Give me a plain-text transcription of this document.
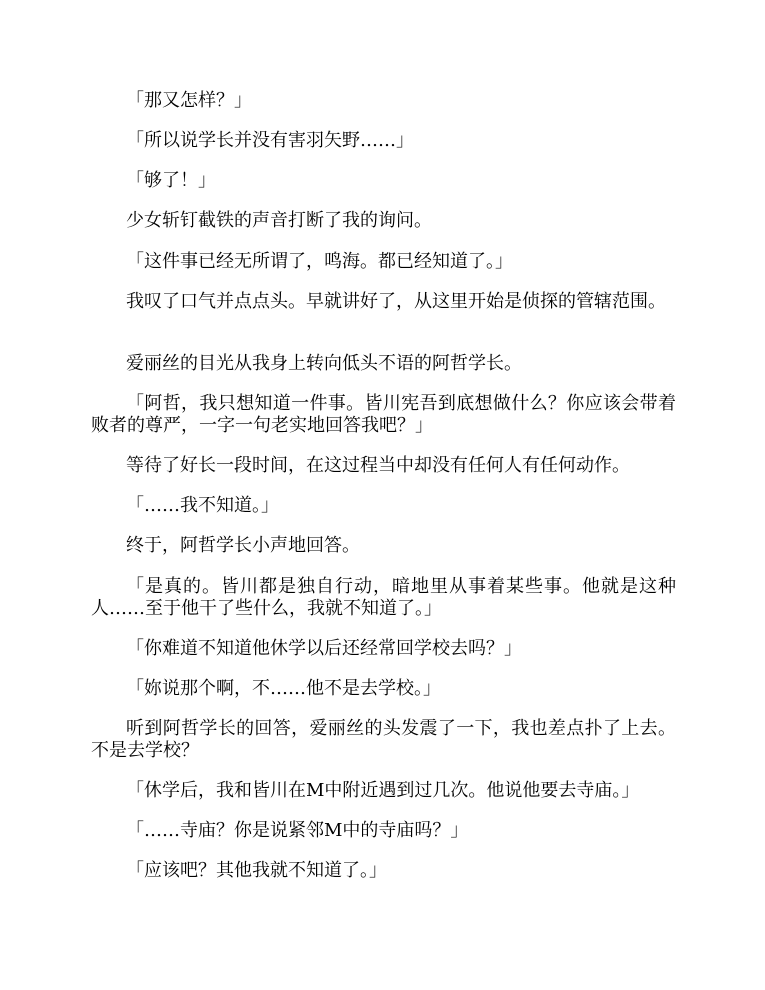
「那又怎样？」

「所以说学长并没有害羽矢野……」

「够了！」

少女斩钉截铁的声音打断了我的询问。

「这件事已经无所谓了，鸣海。都已经知道了。」

我叹了口气并点点头。早就讲好了，从这里开始是侦探的管辖范围。

爱丽丝的目光从我身上转向低头不语的阿哲学长。

「阿哲，我只想知道一件事。皆川宪吾到底想做什么？你应该会带着败者的尊严，一字一句老实地回答我吧？」

等待了好长一段时间，在这过程当中却没有任何人有任何动作。

「……我不知道。」

终于，阿哲学长小声地回答。

「是真的。皆川都是独自行动，暗地里从事着某些事。他就是这种人……至于他干了些什么，我就不知道了。」

「你难道不知道他休学以后还经常回学校去吗？」

「妳说那个啊，不……他不是去学校。」

听到阿哲学长的回答，爱丽丝的头发震了一下，我也差点扑了上去。不是去学校？

「休学后，我和皆川在M中附近遇到过几次。他说他要去寺庙。」

「……寺庙？你是说紧邻M中的寺庙吗？」

「应该吧？其他我就不知道了。」
